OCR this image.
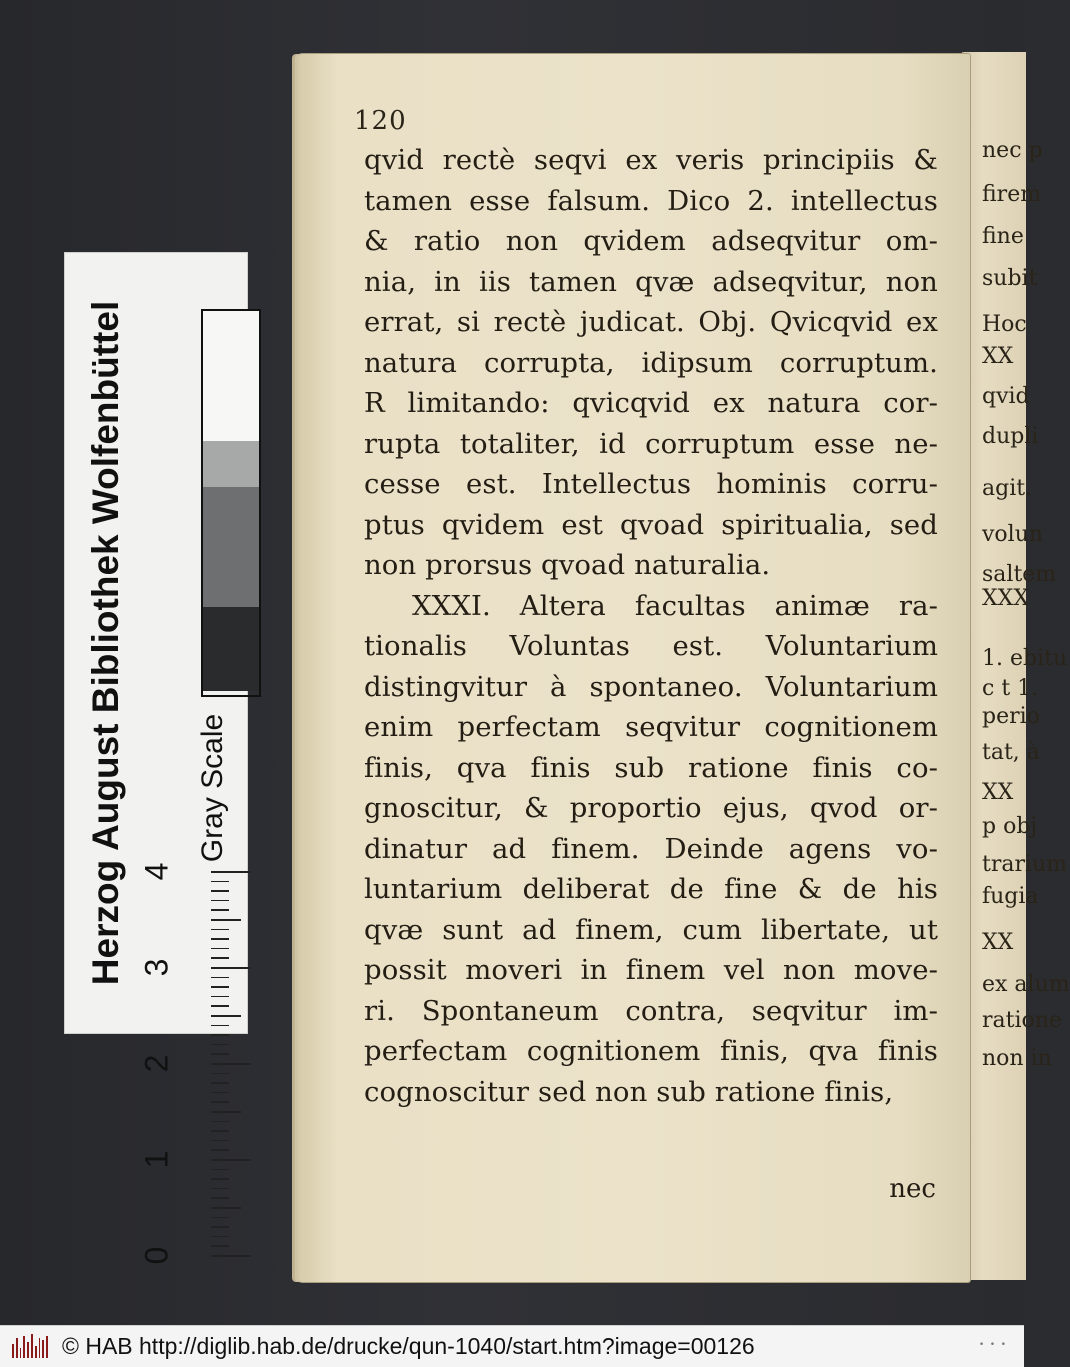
nec p
firem
fine
subit
Hoc
XX
qvid
dupli
agit.
volun
saltem
XXX
1. ebitu
c t 1.
perio
tat, à
XX
p obj
trarium
fugia
XX
ex alum
ratione
non in
120
qvid rectè seqvi ex veris principiis &
tamen esse falsum. Dico 2. intellectus
& ratio non qvidem adseqvitur om-
nia, in iis tamen qvæ adseqvitur, non
errat, si rectè judicat. Obj. Qvicqvid ex
natura corrupta, idipsum corruptum.
R limitando: qvicqvid ex natura cor-
rupta totaliter, id corruptum esse ne-
cesse est. Intellectus hominis corru-
ptus qvidem est qvoad spiritualia, sed
non prorsus qvoad naturalia.
XXXI. Altera facultas animæ ra-
tionalis Voluntas est. Voluntarium
distingvitur à spontaneo. Voluntarium
enim perfectam seqvitur cognitionem
finis, qva finis sub ratione finis co-
gnoscitur, & proportio ejus, qvod or-
dinatur ad finem. Deinde agens vo-
luntarium deliberat de fine & de his
qvæ sunt ad finem, cum libertate, ut
possit moveri in finem vel non move-
ri. Spontaneum contra, seqvitur im-
perfectam cognitionem finis, qva finis
cognoscitur sed non sub ratione finis,
nec
Herzog August Bibliothek Wolfenbüttel Gray Scale
0
1
2
3
4
© HAB http://diglib.hab.de/drucke/qun-1040/start.htm?image=00126	• • •
